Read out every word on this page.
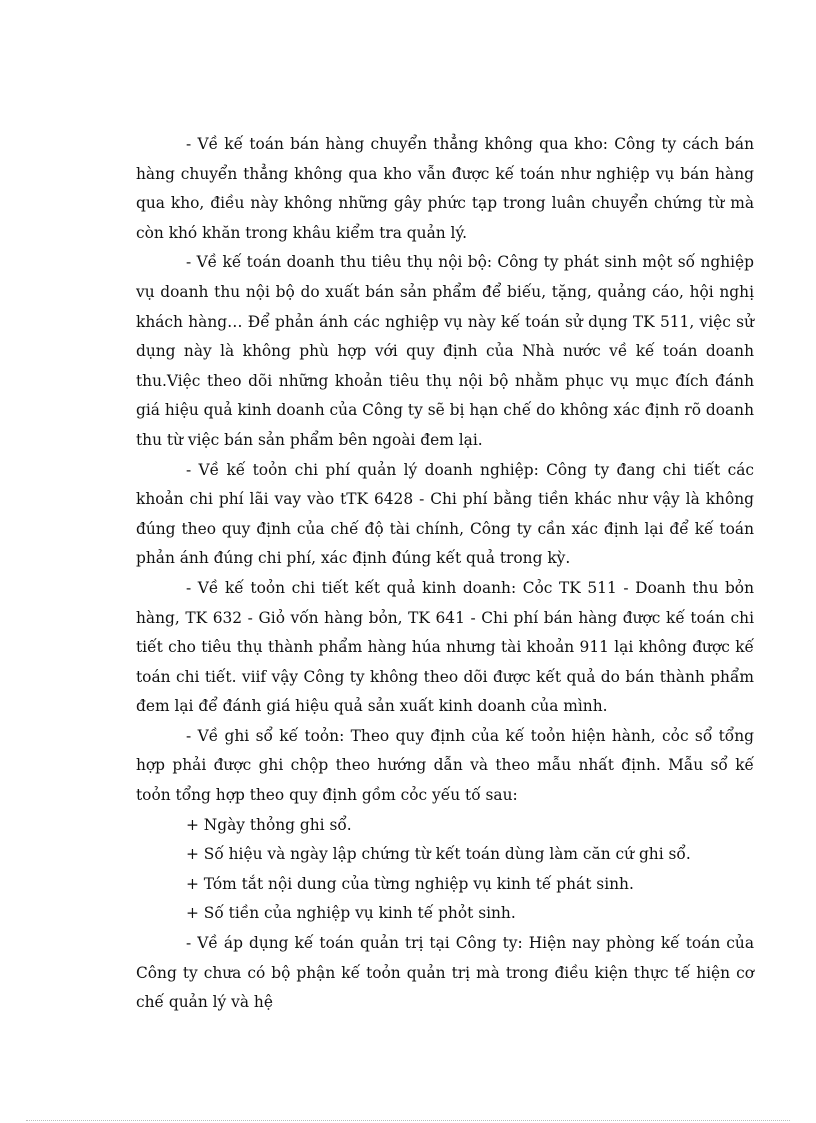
- Về kế toán bán hàng chuyển thẳng không qua kho: Công ty cách bán hàng chuyển thẳng không qua kho vẫn được kế toán như nghiệp vụ bán hàng qua kho, điều này không những gây phức tạp trong luân chuyển chứng từ mà còn khó khăn trong khâu kiểm tra quản lý.

- Về kế toán doanh thu tiêu thụ nội bộ: Công ty phát sinh một số nghiệp vụ doanh thu nội bộ do xuất bán sản phẩm để biếu, tặng, quảng cáo, hội nghị khách hàng… Để phản ánh các nghiệp vụ này kế toán sử dụng TK 511, việc sử dụng này là không phù hợp với quy định của Nhà nước về kế toán doanh thu.Việc theo dõi những khoản tiêu thụ nội bộ nhằm phục vụ mục đích đánh giá hiệu quả kinh doanh của Công ty sẽ bị hạn chế do không xác định rõ doanh thu từ việc bán sản phẩm bên ngoài đem lại.

- Về kế toỏn chi phí quản lý doanh nghiệp: Công ty đang chi tiết các khoản chi phí lãi vay vào tTK 6428 - Chi phí bằng tiền khác như vậy là không đúng theo quy định của chế độ tài chính, Công ty cần xác định lại để kế toán phản ánh đúng chi phí, xác định đúng kết quả trong kỳ.

- Về kế toỏn chi tiết kết quả kinh doanh: Cỏc TK 511 - Doanh thu bỏn hàng, TK 632 - Giỏ vốn hàng bỏn, TK 641 - Chi phí bán hàng được kế toán chi tiết cho tiêu thụ thành phẩm hàng húa nhưng tài khoản 911 lại không được kế toán chi tiết. viif vậy Công ty không theo dõi được kết quả do bán thành phẩm đem lại để đánh giá hiệu quả sản xuất kinh doanh của mình.

- Về ghi sổ kế toỏn: Theo quy định của kế toỏn hiện hành, cỏc sổ tổng hợp phải được ghi chộp theo hướng dẫn và theo mẫu nhất định. Mẫu sổ kế toỏn tổng hợp theo quy định gồm cỏc yếu tố sau:

+ Ngày thỏng ghi sổ.

+ Số hiệu và ngày lập chứng từ kết toán dùng làm căn cứ ghi sổ.

+ Tóm tắt nội dung của từng nghiệp vụ kinh tế phát sinh.

+ Số tiền của nghiệp vụ kinh tế phỏt sinh.

- Về áp dụng kế toán quản trị tại Công ty: Hiện nay phòng kế toán của Công ty chưa có bộ phận kế toỏn quản trị mà trong điều kiện thực tế hiện cơ chế quản lý và hệ
